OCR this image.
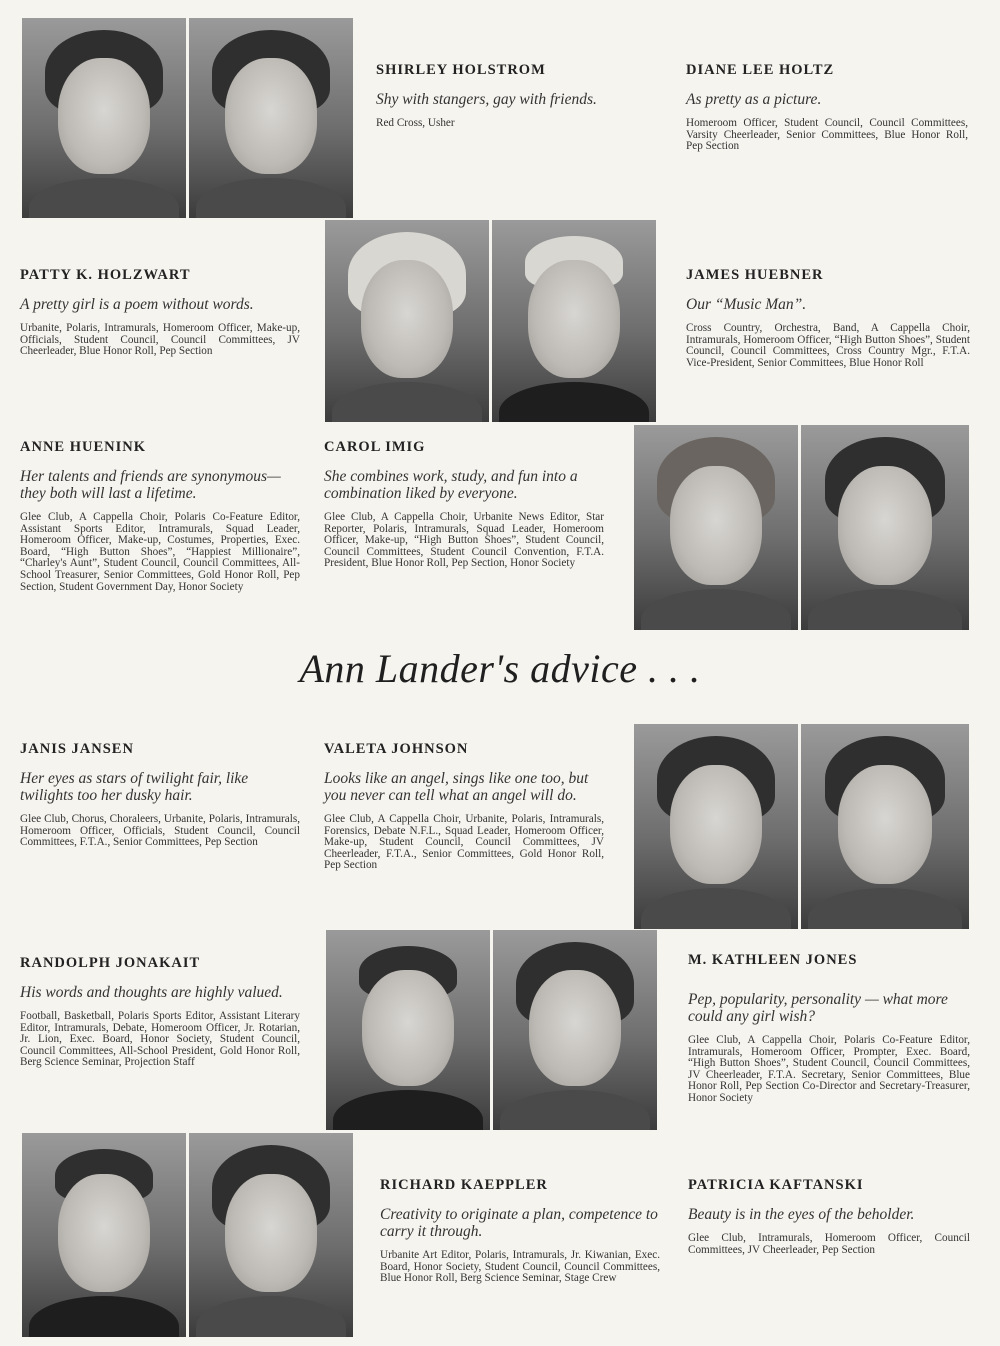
SHIRLEY HOLSTROM
Shy with stangers, gay with friends.
Red Cross, Usher
DIANE LEE HOLTZ
As pretty as a picture.
Homeroom Officer, Student Council, Council Committees, Varsity Cheerleader, Senior Committees, Blue Honor Roll, Pep Section
PATTY K. HOLZWART
A pretty girl is a poem without words.
Urbanite, Polaris, Intramurals, Homeroom Officer, Make-up, Officials, Student Council, Council Committees, JV Cheerleader, Blue Honor Roll, Pep Section
JAMES HUEBNER
Our “Music Man”.
Cross Country, Orchestra, Band, A Cappella Choir, Intramurals, Homeroom Officer, “High Button Shoes”, Student Council, Council Committees, Cross Country Mgr., F.T.A. Vice-President, Senior Committees, Blue Honor Roll
ANNE HUENINK
Her talents and friends are synonymous—they both will last a lifetime.
Glee Club, A Cappella Choir, Polaris Co-Feature Editor, Assistant Sports Editor, Intramurals, Squad Leader, Homeroom Officer, Make-up, Costumes, Properties, Exec. Board, “High Button Shoes”, “Happiest Millionaire”, “Charley's Aunt”, Student Council, Council Committees, All-School Treasurer, Senior Committees, Gold Honor Roll, Pep Section, Student Government Day, Honor Society
CAROL IMIG
She combines work, study, and fun into a combination liked by everyone.
Glee Club, A Cappella Choir, Urbanite News Editor, Star Reporter, Polaris, Intramurals, Squad Leader, Homeroom Officer, Make-up, “High Button Shoes”, Student Council, Council Committees, Student Council Convention, F.T.A. President, Blue Honor Roll, Pep Section, Honor Society
Ann Lander's advice . . .
JANIS JANSEN
Her eyes as stars of twilight fair, like twilights too her dusky hair.
Glee Club, Chorus, Choraleers, Urbanite, Polaris, Intramurals, Homeroom Officer, Officials, Student Council, Council Committees, F.T.A., Senior Committees, Pep Section
VALETA JOHNSON
Looks like an angel, sings like one too, but you never can tell what an angel will do.
Glee Club, A Cappella Choir, Urbanite, Polaris, Intramurals, Forensics, Debate N.F.L., Squad Leader, Homeroom Officer, Make-up, Student Council, Council Committees, JV Cheerleader, F.T.A., Senior Committees, Gold Honor Roll, Pep Section
RANDOLPH JONAKAIT
His words and thoughts are highly valued.
Football, Basketball, Polaris Sports Editor, Assistant Literary Editor, Intramurals, Debate, Homeroom Officer, Jr. Rotarian, Jr. Lion, Exec. Board, Honor Society, Student Council, Council Committees, All-School President, Gold Honor Roll, Berg Science Seminar, Projection Staff
M. KATHLEEN JONES
Pep, popularity, personality — what more could any girl wish?
Glee Club, A Cappella Choir, Polaris Co-Feature Editor, Intramurals, Homeroom Officer, Prompter, Exec. Board, “High Button Shoes”, Student Council, Council Committees, JV Cheerleader, F.T.A. Secretary, Senior Committees, Blue Honor Roll, Pep Section Co-Director and Secretary-Treasurer, Honor Society
RICHARD KAEPPLER
Creativity to originate a plan, competence to carry it through.
Urbanite Art Editor, Polaris, Intramurals, Jr. Kiwanian, Exec. Board, Honor Society, Student Council, Council Committees, Blue Honor Roll, Berg Science Seminar, Stage Crew
PATRICIA KAFTANSKI
Beauty is in the eyes of the beholder.
Glee Club, Intramurals, Homeroom Officer, Council Committees, JV Cheerleader, Pep Section
